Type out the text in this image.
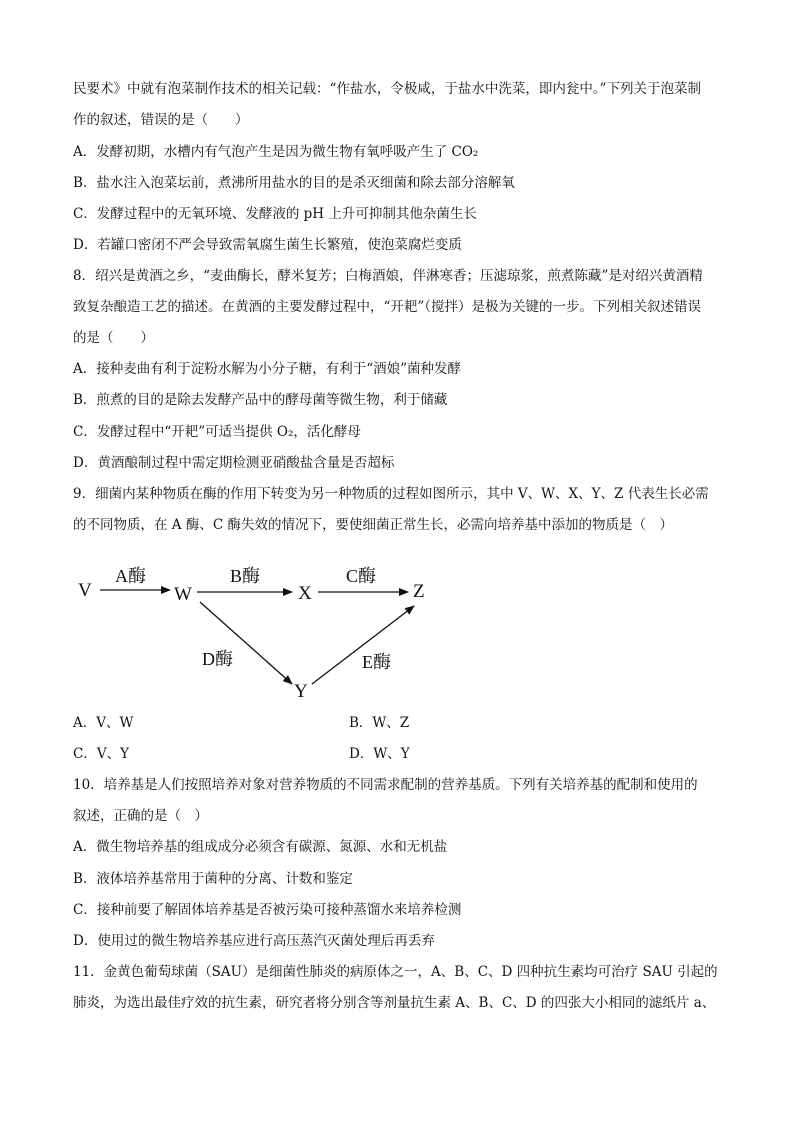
民要术》中就有泡菜制作技术的相关记载：“作盐水，令极咸，于盐水中洗菜，即内瓮中。”下列关于泡菜制
作的叙述，错误的是（　　）
A．发酵初期，水槽内有气泡产生是因为微生物有氧呼吸产生了 CO₂
B．盐水注入泡菜坛前，煮沸所用盐水的目的是杀灭细菌和除去部分溶解氧
C．发酵过程中的无氧环境、发酵液的 pH 上升可抑制其他杂菌生长
D．若罐口密闭不严会导致需氧腐生菌生长繁殖，使泡菜腐烂变质
8．绍兴是黄酒之乡，“麦曲酶长，酵米复芳；白梅酒娘，伴淋寒香；压滤琼浆，煎煮陈藏”是对绍兴黄酒精
致复杂酿造工艺的描述。在黄酒的主要发酵过程中，“开耙”（搅拌）是极为关键的一步。下列相关叙述错误
的是（　　）
A．接种麦曲有利于淀粉水解为小分子糖，有利于“酒娘”菌种发酵
B．煎煮的目的是除去发酵产品中的酵母菌等微生物，利于储藏
C．发酵过程中“开耙”可适当提供 O₂，活化酵母
D．黄酒酿制过程中需定期检测亚硝酸盐含量是否超标
9．细菌内某种物质在酶的作用下转变为另一种物质的过程如图所示，其中 V、W、X、Y、Z 代表生长必需
的不同物质，在 A 酶、C 酶失效的情况下，要使细菌正常生长，必需向培养基中添加的物质是（　）
V	W	X	Z
Y
A酶	B酶	C酶
D酶	E酶
A．V、W	B．W、Z
C．V、Y	D．W、Y
10．培养基是人们按照培养对象对营养物质的不同需求配制的营养基质。下列有关培养基的配制和使用的
叙述，正确的是（　）
A．微生物培养基的组成成分必须含有碳源、氮源、水和无机盐
B．液体培养基常用于菌种的分离、计数和鉴定
C．接种前要了解固体培养基是否被污染可接种蒸馏水来培养检测
D．使用过的微生物培养基应进行高压蒸汽灭菌处理后再丢弃
11．金黄色葡萄球菌（SAU）是细菌性肺炎的病原体之一，A、B、C、D 四种抗生素均可治疗 SAU 引起的
肺炎，为选出最佳疗效的抗生素，研究者将分别含等剂量抗生素 A、B、C、D 的四张大小相同的滤纸片 a、
